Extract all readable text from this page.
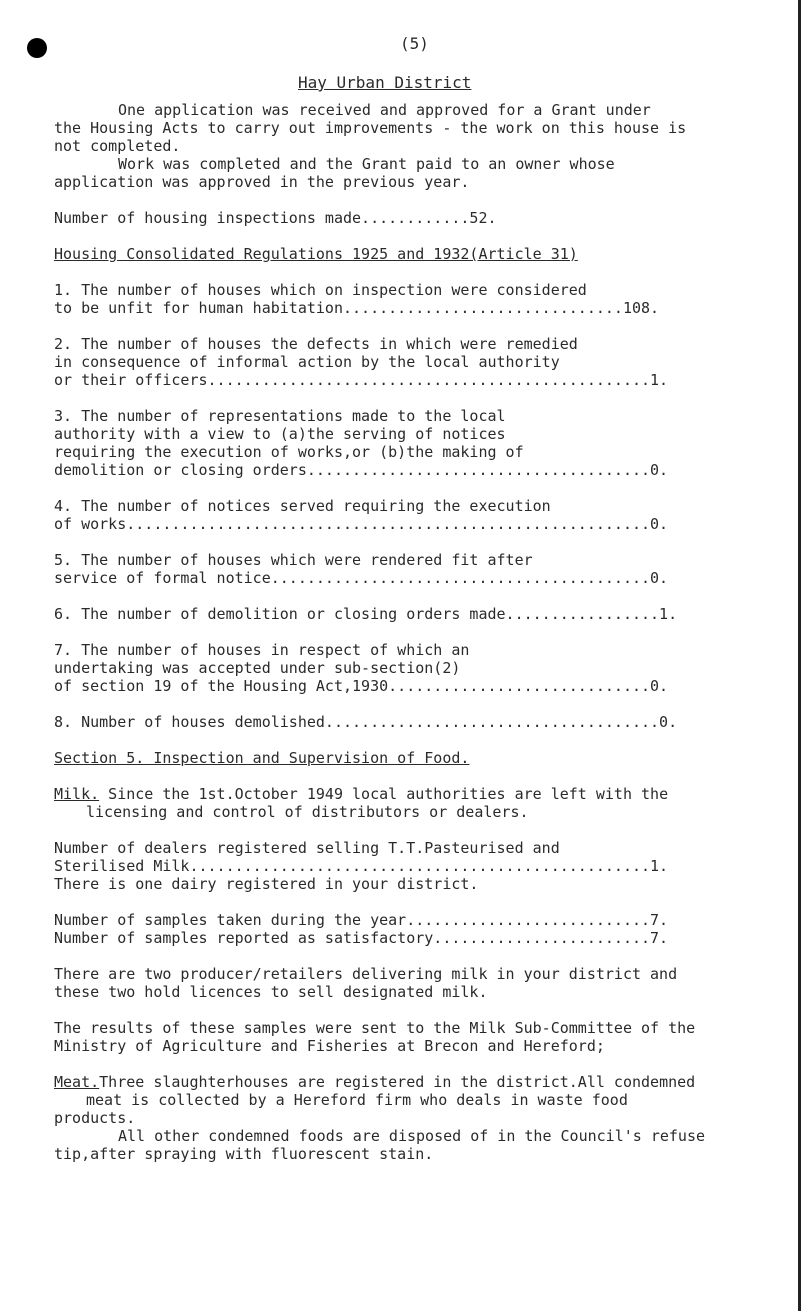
(5)
Hay Urban District
One application was received and approved for a Grant under
the Housing Acts to carry out improvements - the work on this house is
not completed.
Work was completed and the Grant paid to an owner whose
application was approved in the previous year.
Number of housing inspections made............52.
Housing Consolidated Regulations 1925 and 1932(Article 31)
1. The number of houses which on inspection were considered
to be unfit for human habitation...............................108.
2. The number of houses the defects in which were remedied
in consequence of informal action by the local authority
or their officers.................................................1.
3. The number of representations made to the local
authority with a view to (a)the serving of notices
requiring the execution of works,or (b)the making of
demolition or closing orders......................................0.
4. The number of notices served requiring the execution
of works..........................................................0.
5. The number of houses which were rendered fit after
service of formal notice..........................................0.
6. The number of demolition or closing orders made.................1.
7. The number of houses in respect of which an
undertaking was accepted under sub-section(2)
of section 19 of the Housing Act,1930.............................0.
8. Number of houses demolished.....................................0.
Section 5. Inspection and Supervision of Food.
Milk. Since the 1st.October 1949 local authorities are left with the
licensing and control of distributors or dealers.
Number of dealers registered selling T.T.Pasteurised and
Sterilised Milk...................................................1.
There is one dairy registered in your district.
Number of samples taken during the year...........................7.
Number of samples reported as satisfactory........................7.
There are two producer/retailers delivering milk in your district and
these two hold licences to sell designated milk.
The results of these samples were sent to the Milk Sub-Committee of the
Ministry of Agriculture and Fisheries at Brecon and Hereford;
Meat.Three slaughterhouses are registered in the district.All condemned
meat is collected by a Hereford firm who deals in waste food
products.
All other condemned foods are disposed of in the Council's refuse
tip,after spraying with fluorescent stain.
